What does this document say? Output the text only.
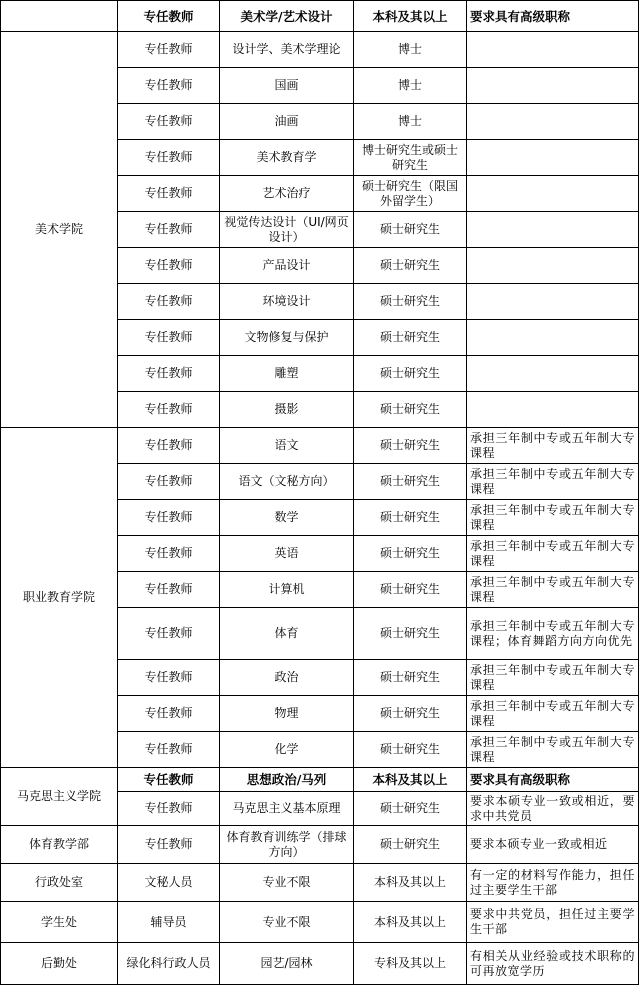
	专任教师	美术学/艺术设计	本科及其以上	要求具有高级职称
美术学院	专任教师	设计学、美术学理论	博士	
	专任教师	国画	博士	
	专任教师	油画	博士	
	专任教师	美术教育学	博士研究生或硕士研究生	
	专任教师	艺术治疗	硕士研究生（限国外留学生）	
	专任教师	视觉传达设计（UI/网页设计）	硕士研究生	
	专任教师	产品设计	硕士研究生	
	专任教师	环境设计	硕士研究生	
	专任教师	文物修复与保护	硕士研究生	
	专任教师	雕塑	硕士研究生	
	专任教师	摄影	硕士研究生	
职业教育学院	专任教师	语文	硕士研究生	承担三年制中专或五年制大专课程
	专任教师	语文（文秘方向）	硕士研究生	承担三年制中专或五年制大专课程
	专任教师	数学	硕士研究生	承担三年制中专或五年制大专课程
	专任教师	英语	硕士研究生	承担三年制中专或五年制大专课程
	专任教师	计算机	硕士研究生	承担三年制中专或五年制大专课程
	专任教师	体育	硕士研究生	承担三年制中专或五年制大专课程；体育舞蹈方向方向优先
	专任教师	政治	硕士研究生	承担三年制中专或五年制大专课程
	专任教师	物理	硕士研究生	承担三年制中专或五年制大专课程
	专任教师	化学	硕士研究生	承担三年制中专或五年制大专课程
马克思主义学院	专任教师	思想政治/马列	本科及其以上	要求具有高级职称
	专任教师	马克思主义基本原理	硕士研究生	要求本硕专业一致或相近，要求中共党员
体育教学部	专任教师	体育教育训练学（排球方向）	硕士研究生	要求本硕专业一致或相近
行政处室	文秘人员	专业不限	本科及其以上	有一定的材料写作能力，担任过主要学生干部
学生处	辅导员	专业不限	本科及其以上	要求中共党员，担任过主要学生干部
后勤处	绿化科行政人员	园艺/园林	专科及其以上	有相关从业经验或技术职称的可再放宽学历
